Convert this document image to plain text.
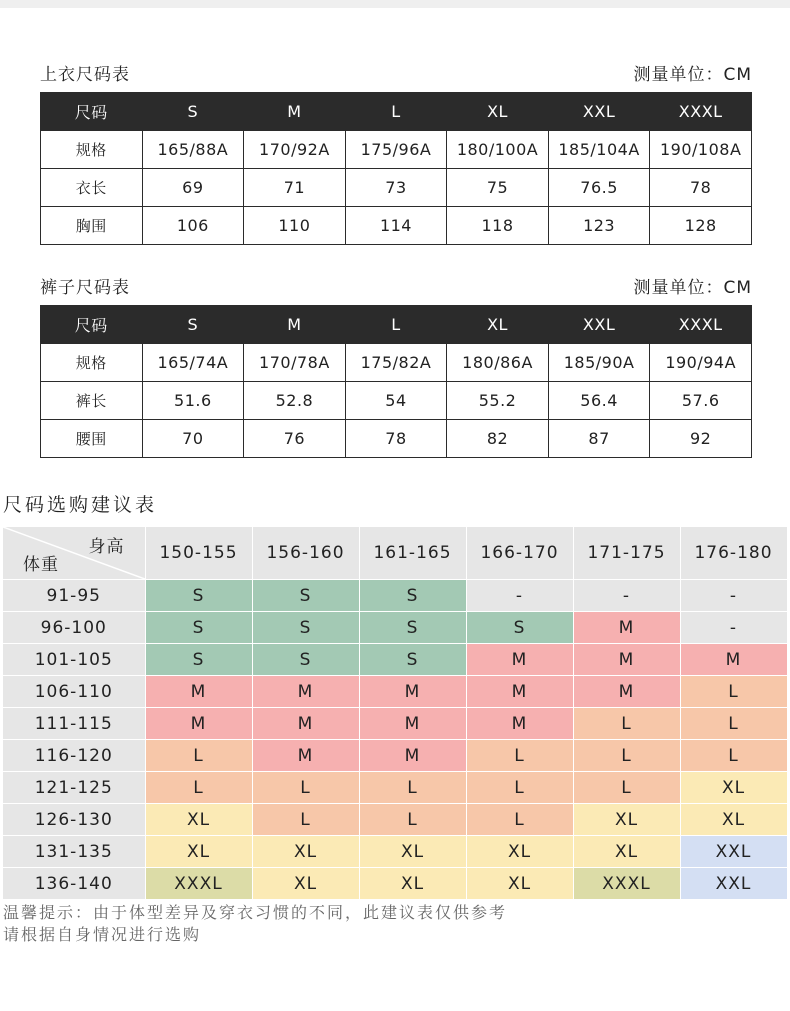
上衣尺码表	测量单位：CM
尺码	S	M	L	XL	XXL	XXXL
规格	165/88A	170/92A	175/96A	180/100A	185/104A	190/108A
衣长	69	71	73	75	76.5	78
胸围	106	110	114	118	123	128
裤子尺码表	测量单位：CM
尺码	S	M	L	XL	XXL	XXXL
规格	165/74A	170/78A	175/82A	180/86A	185/90A	190/94A
裤长	51.6	52.8	54	55.2	56.4	57.6
腰围	70	76	78	82	87	92
尺码选购建议表
身高
体重	150-155	156-160	161-165	166-170	171-175	176-180
91-95	S	S	S	-	-	-
96-100	S	S	S	S	M	-
101-105	S	S	S	M	M	M
106-110	M	M	M	M	M	L
111-115	M	M	M	M	L	L
116-120	L	M	M	L	L	L
121-125	L	L	L	L	L	XL
126-130	XL	L	L	L	XL	XL
131-135	XL	XL	XL	XL	XL	XXL
136-140	XXXL	XL	XL	XL	XXXL	XXL
温馨提示：由于体型差异及穿衣习惯的不同，此建议表仅供参考
请根据自身情况进行选购
